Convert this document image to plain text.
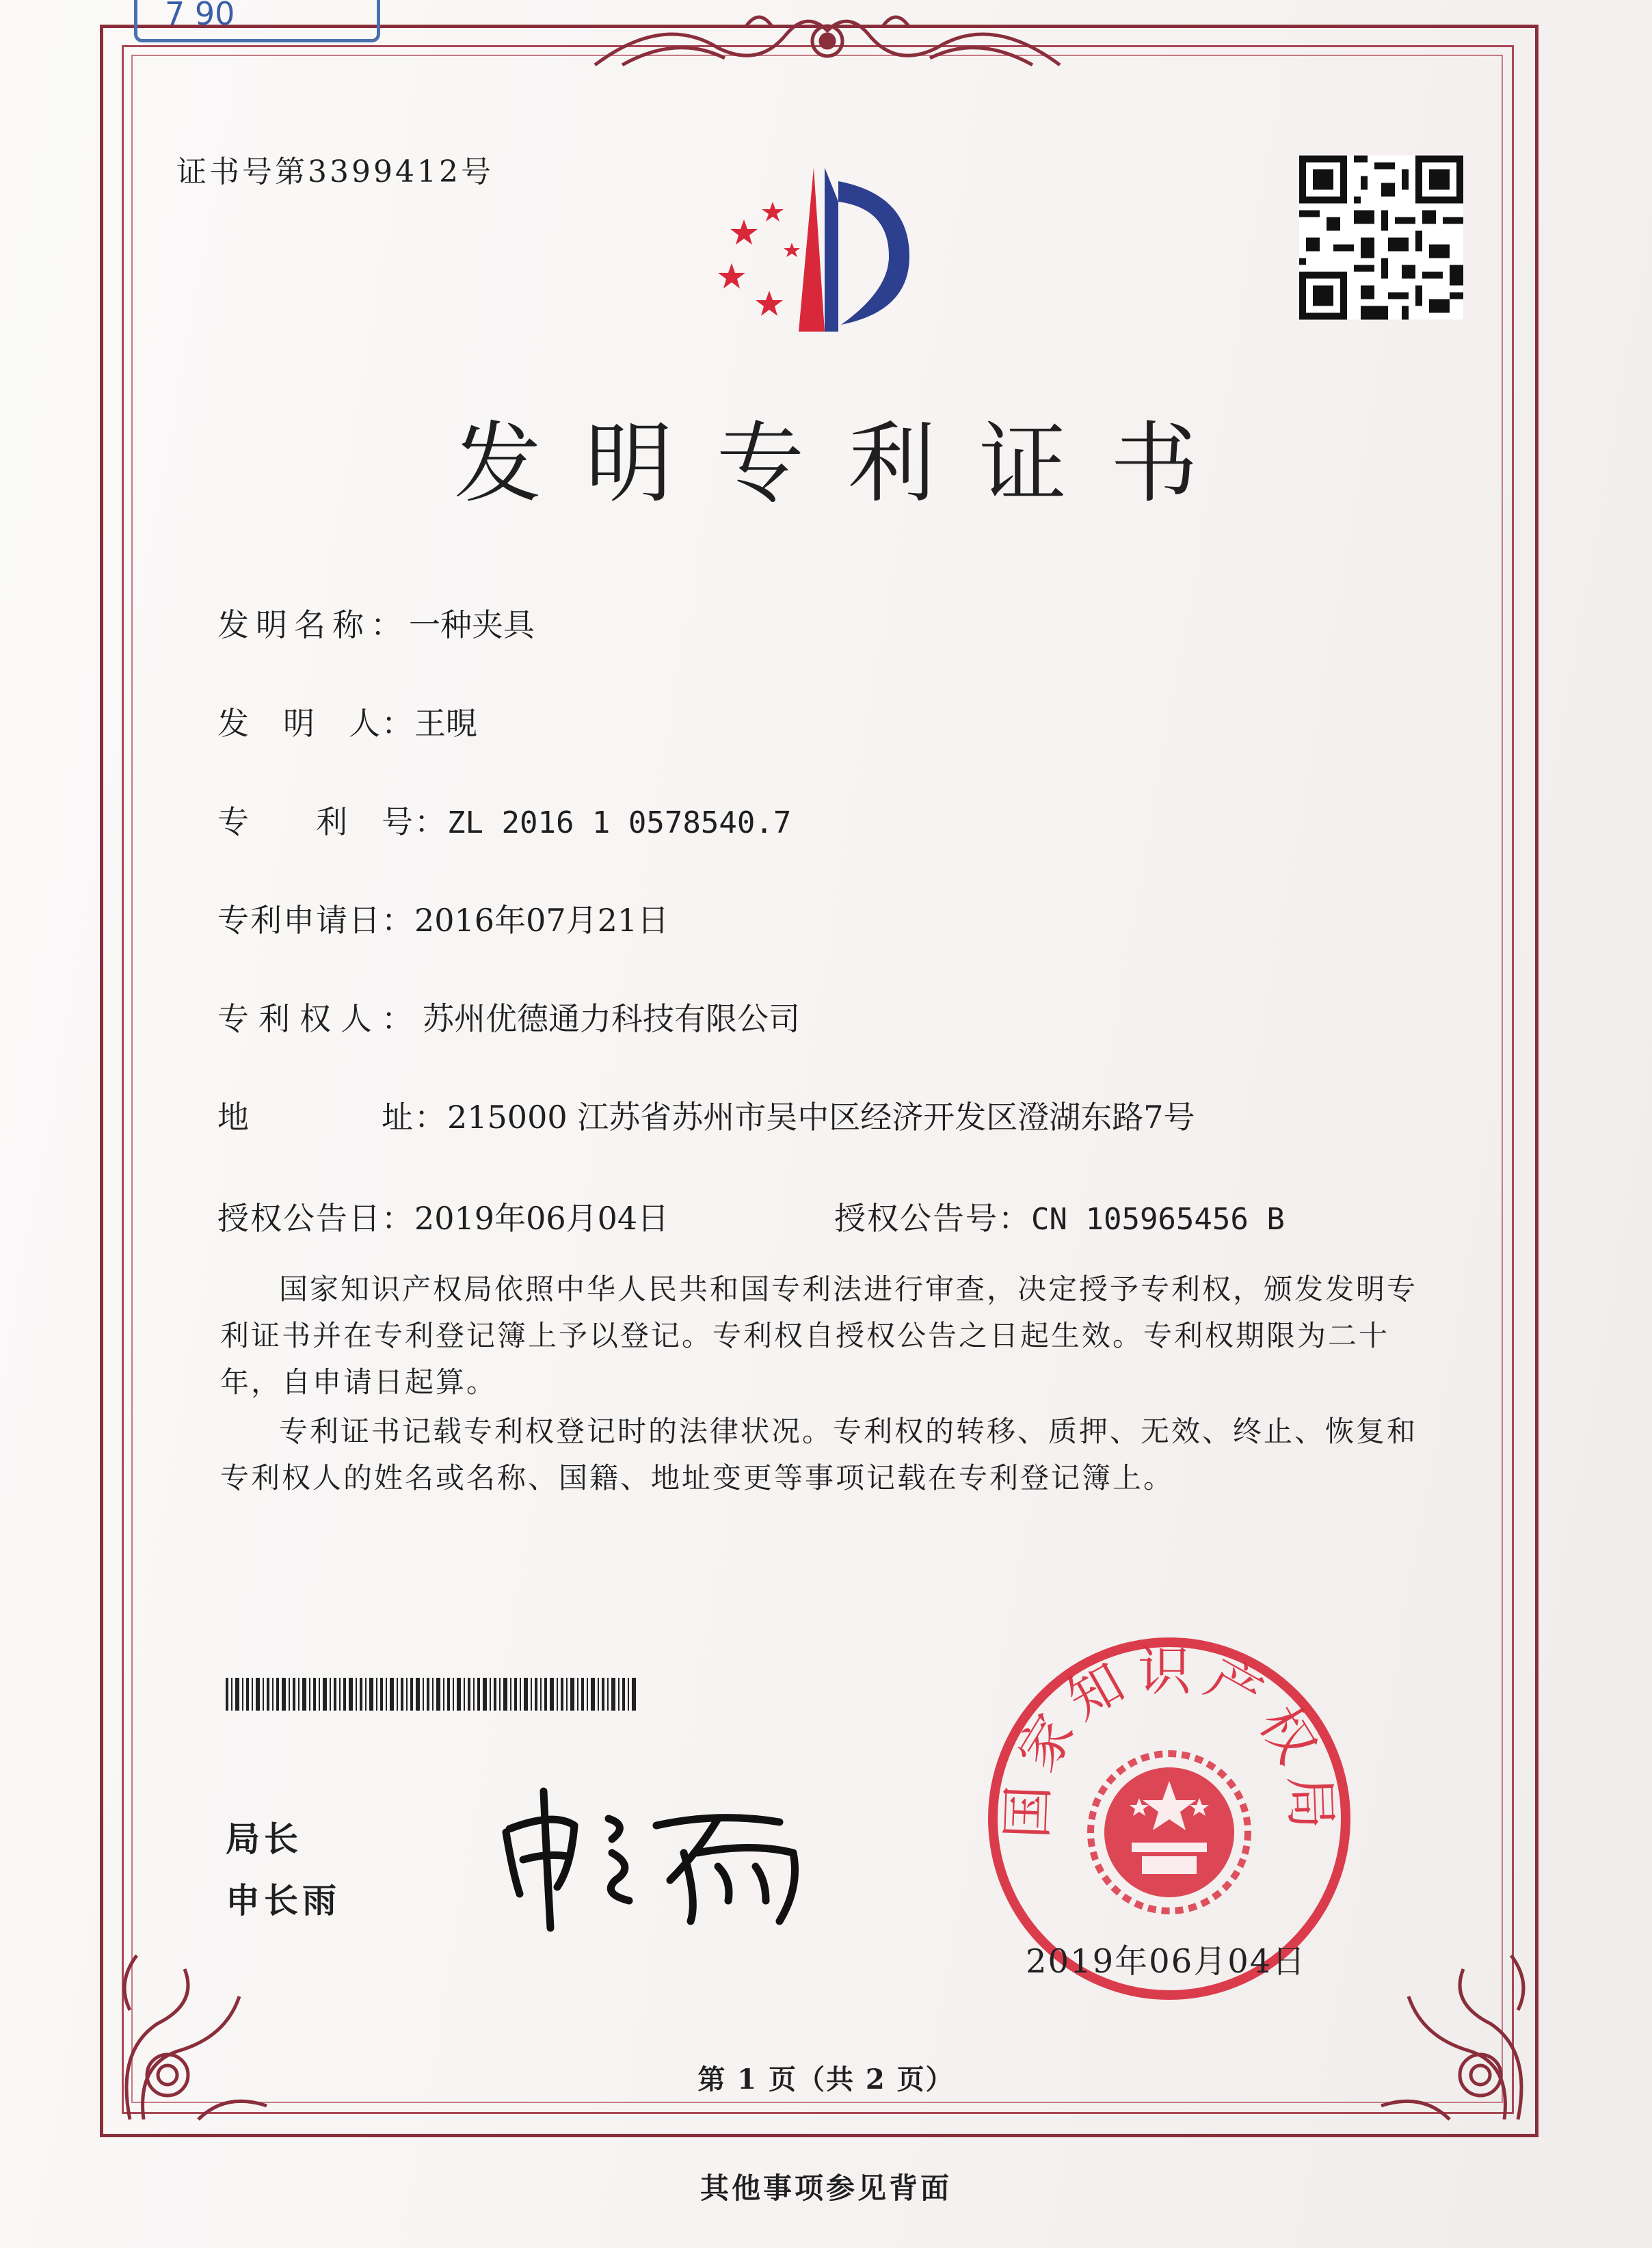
7 90
证书号第3399412号
发明专利证书
发明名称：一种夹具
发　明　人：王晛
专　　利　号：ZL 2016 1 0578540.7
专利申请日：2016年07月21日
专利权人：苏州优德通力科技有限公司
地　　　　址：215000 江苏省苏州市吴中区经济开发区澄湖东路7号
授权公告日：2019年06月04日	授权公告号：CN 105965456 B
国家知识产权局依照中华人民共和国专利法进行审查，决定授予专利权，颁发发明专利证书并在专利登记簿上予以登记。专利权自授权公告之日起生效。专利权期限为二十年，自申请日起算。
专利证书记载专利权登记时的法律状况。专利权的转移、质押、无效、终止、恢复和专利权人的姓名或名称、国籍、地址变更等事项记载在专利登记簿上。
局长
申长雨
国家知识产权局
2019年06月04日
第 1 页（共 2 页）
其他事项参见背面
